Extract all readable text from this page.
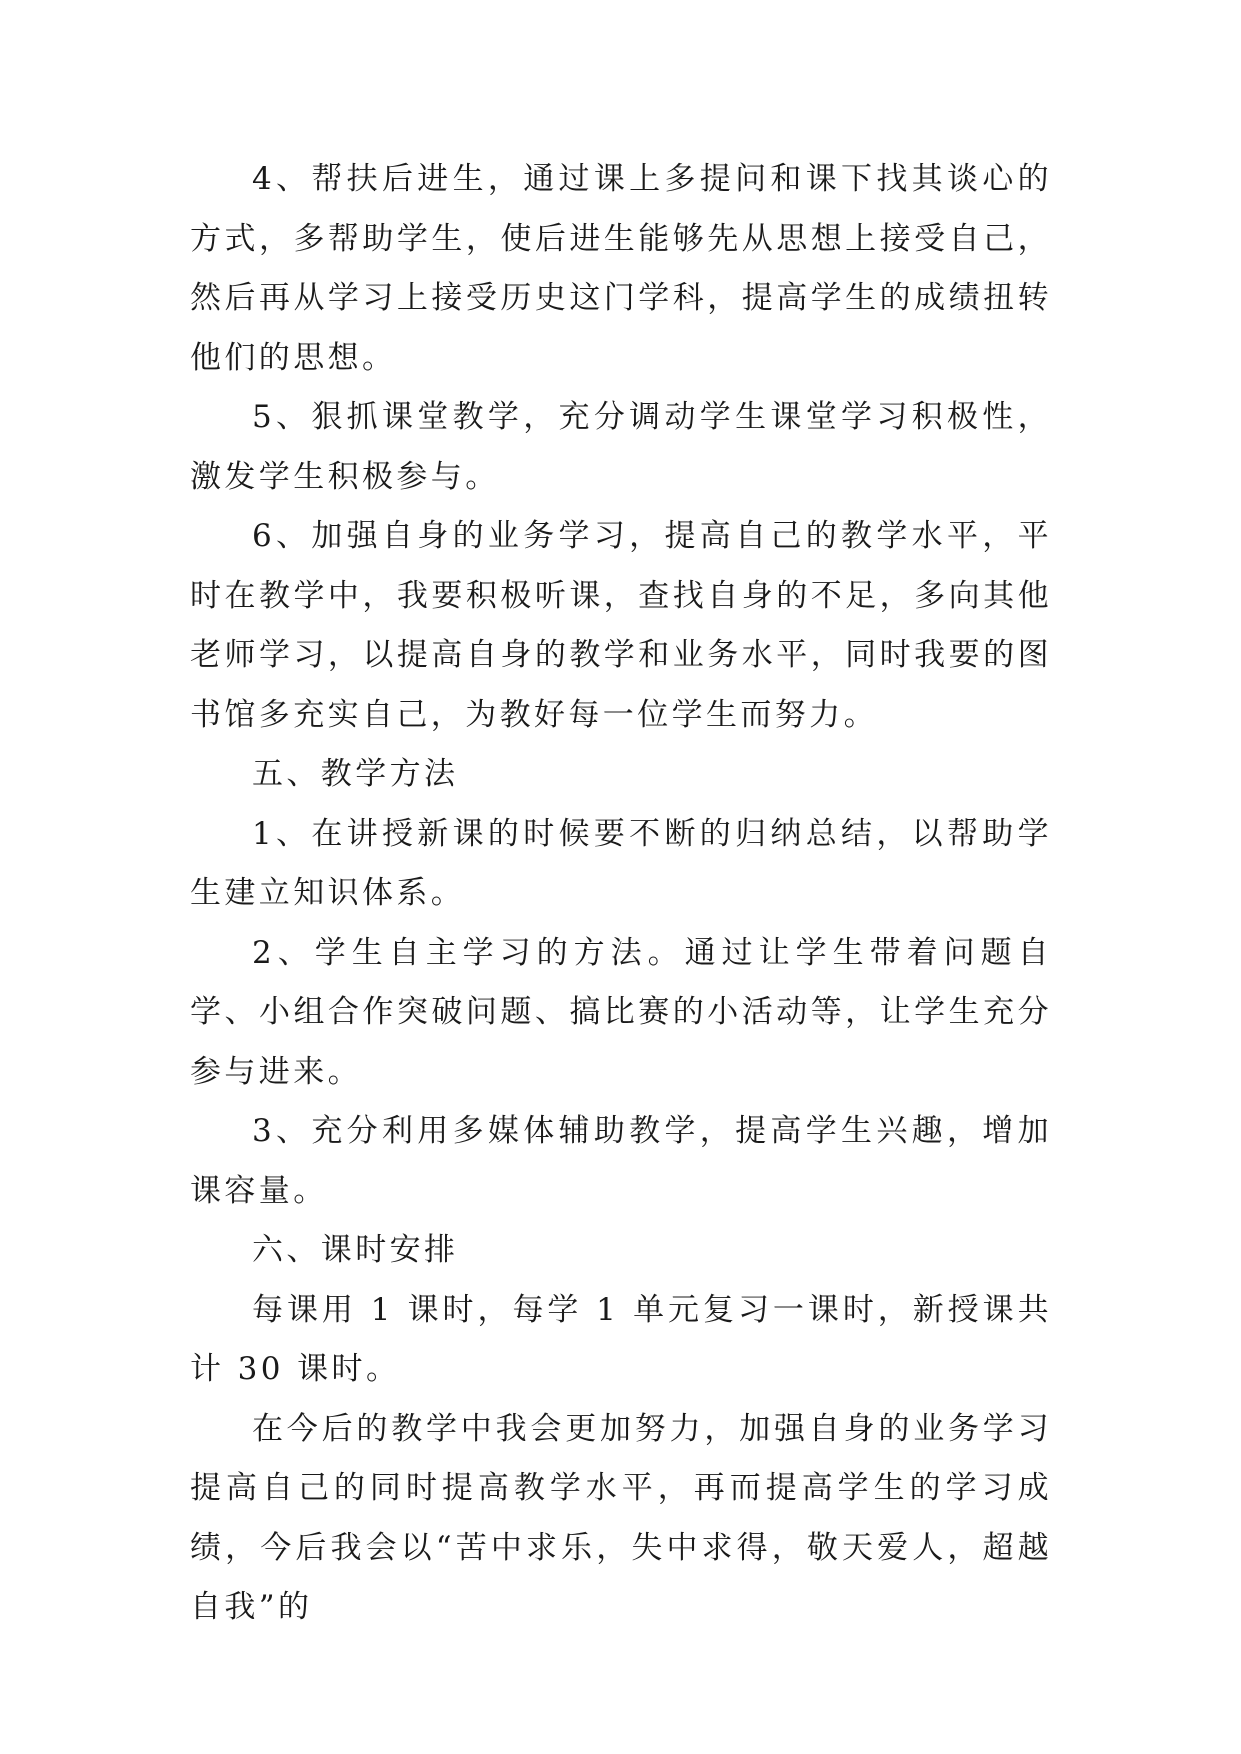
4、帮扶后进生，通过课上多提问和课下找其谈心的方式，多帮助学生，使后进生能够先从思想上接受自己，然后再从学习上接受历史这门学科，提高学生的成绩扭转他们的思想。

5、狠抓课堂教学，充分调动学生课堂学习积极性，激发学生积极参与。

6、加强自身的业务学习，提高自己的教学水平，平时在教学中，我要积极听课，查找自身的不足，多向其他老师学习，以提高自身的教学和业务水平，同时我要的图书馆多充实自己，为教好每一位学生而努力。

五、教学方法

1、在讲授新课的时候要不断的归纳总结，以帮助学生建立知识体系。

2、学生自主学习的方法。通过让学生带着问题自学、小组合作突破问题、搞比赛的小活动等，让学生充分参与进来。

3、充分利用多媒体辅助教学，提高学生兴趣，增加课容量。

六、课时安排

每课用 1 课时，每学 1 单元复习一课时，新授课共计 30 课时。

在今后的教学中我会更加努力，加强自身的业务学习提高自己的同时提高教学水平，再而提高学生的学习成绩，今后我会以“苦中求乐，失中求得，敬天爱人，超越自我”的
